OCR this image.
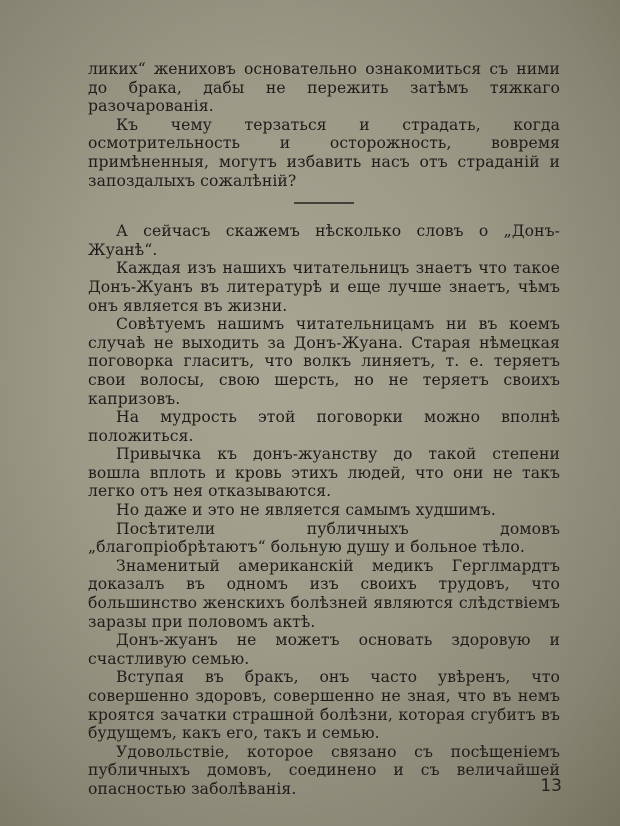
ликих“ жениховъ основательно ознакомиться съ ними до брака, дабы не пережить затѣмъ тяжкаго разочарованія.

Къ чему терзаться и страдать, когда осмотрительность и осторожность, вовремя примѣненныя, могутъ избавить насъ отъ страданій и запоздалыхъ сожалѣній?

А сейчасъ скажемъ нѣсколько словъ о „Донъ-Жуанѣ“.

Каждая изъ нашихъ читательницъ знаетъ что такое Донъ-Жуанъ въ литературѣ и еще лучше знаетъ, чѣмъ онъ является въ жизни.

Совѣтуемъ нашимъ читательницамъ ни въ коемъ случаѣ не выходить за Донъ-Жуана. Старая нѣмецкая поговорка гласитъ, что волкъ линяетъ, т. е. теряетъ свои волосы, свою шерсть, но не теряетъ своихъ капризовъ.

На мудрость этой поговорки можно вполнѣ положиться.

Привычка къ донъ-жуанству до такой степени вошла вплоть и кровь этихъ людей, что они не такъ легко отъ нея отказываются.

Но даже и это не является самымъ худшимъ.

Посѣтители публичныхъ домовъ „благопріобрѣтаютъ“ больную душу и больное тѣло.

Знаменитый американскій медикъ Герглмардтъ доказалъ въ одномъ изъ своихъ трудовъ, что большинство женскихъ болѣзней являются слѣдствіемъ заразы при половомъ актѣ.

Донъ-жуанъ не можетъ основать здоровую и счастливую семью.

Вступая въ бракъ, онъ часто увѣренъ, что совершенно здоровъ, совершенно не зная, что въ немъ кроятся зачатки страшной болѣзни, которая сгубитъ въ будущемъ, какъ его, такъ и семью.

Удовольствіе, которое связано съ посѣщеніемъ публичныхъ домовъ, соединено и съ величайшей опасностью заболѣванія.	13
